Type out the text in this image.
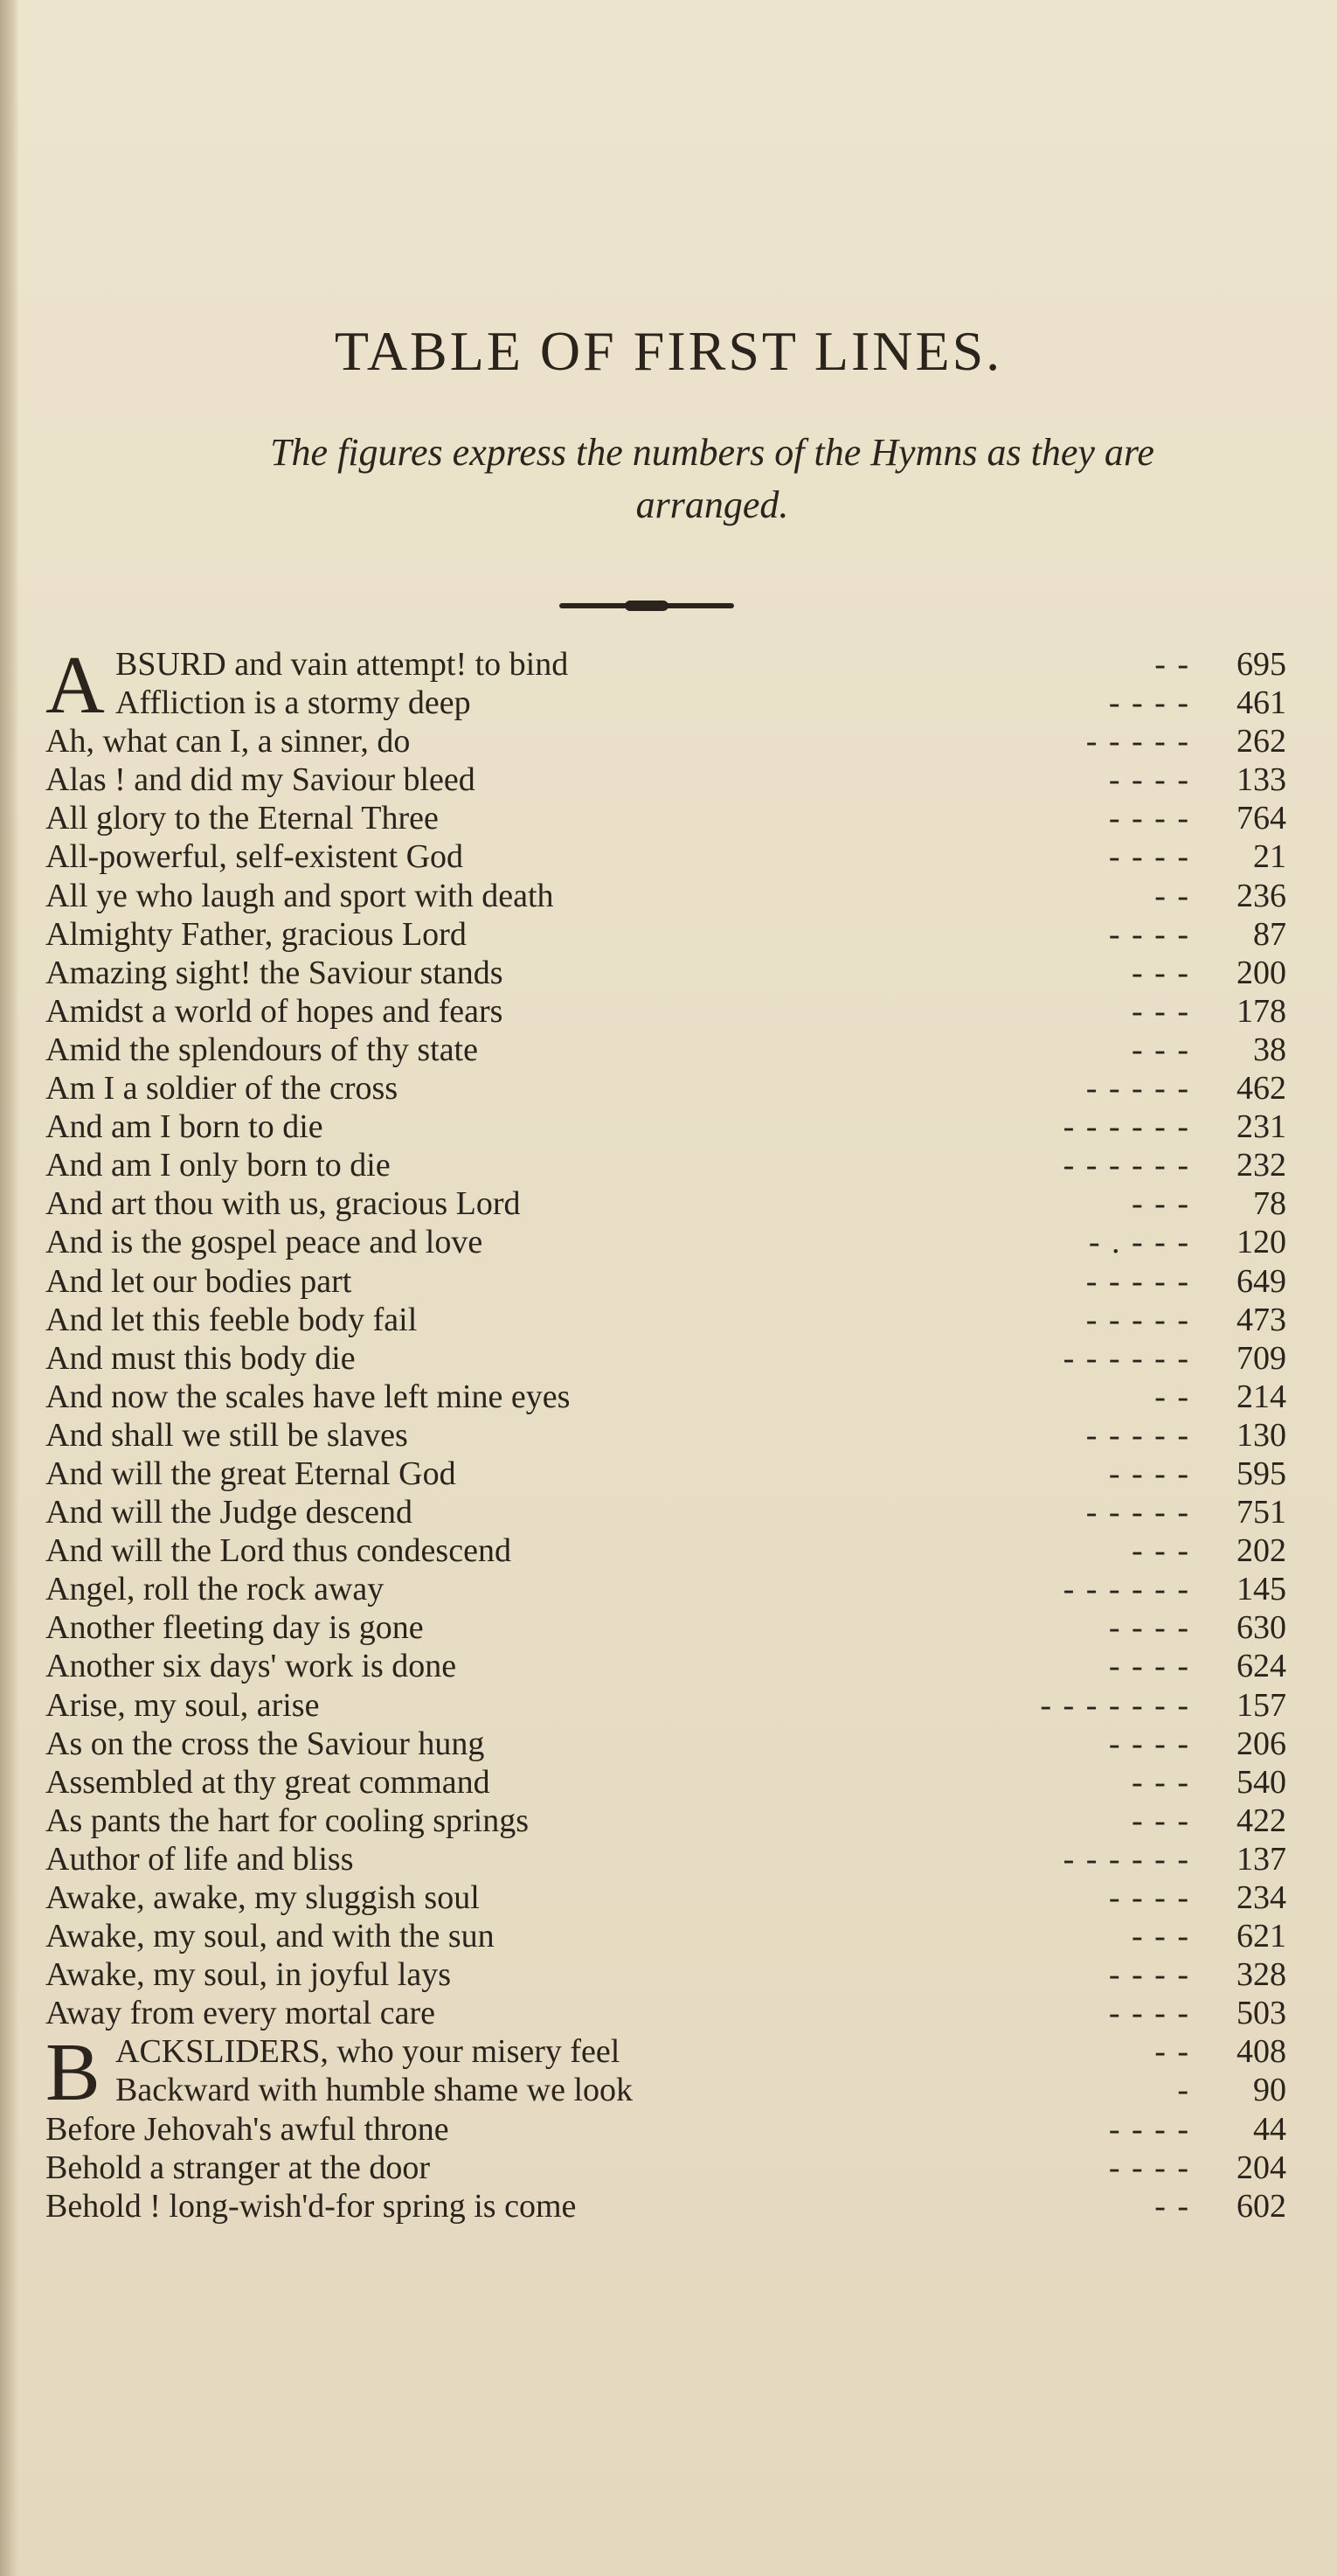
TABLE OF FIRST LINES.

The figures express the numbers of the Hymns as they are arranged.

A BSURD and vain attempt! to bind	- -	695
Affliction is a stormy deep	- - - -	461
Ah, what can I, a sinner, do	- - - - -	262
Alas ! and did my Saviour bleed	- - - -	133
All glory to the Eternal Three	- - - -	764
All-powerful, self-existent God	- - - -	21
All ye who laugh and sport with death	- -	236
Almighty Father, gracious Lord	- - - -	87
Amazing sight! the Saviour stands	- - -	200
Amidst a world of hopes and fears	- - -	178
Amid the splendours of thy state	- - -	38
Am I a soldier of the cross	- - - - -	462
And am I born to die	- - - - - -	231
And am I only born to die	- - - - - -	232
And art thou with us, gracious Lord	- - -	78
And is the gospel peace and love	- . - - -	120
And let our bodies part	- - - - -	649
And let this feeble body fail	- - - - -	473
And must this body die	- - - - - -	709
And now the scales have left mine eyes	- -	214
And shall we still be slaves	- - - - -	130
And will the great Eternal God	- - - -	595
And will the Judge descend	- - - - -	751
And will the Lord thus condescend	- - -	202
Angel, roll the rock away	- - - - - -	145
Another fleeting day is gone	- - - -	630
Another six days' work is done	- - - -	624
Arise, my soul, arise	- - - - - - -	157
As on the cross the Saviour hung	- - - -	206
Assembled at thy great command	- - -	540
As pants the hart for cooling springs	- - -	422
Author of life and bliss	- - - - - -	137
Awake, awake, my sluggish soul	- - - -	234
Awake, my soul, and with the sun	- - -	621
Awake, my soul, in joyful lays	- - - -	328
Away from every mortal care	- - - -	503
B ACKSLIDERS, who your misery feel	- -	408
Backward with humble shame we look	-	90
Before Jehovah's awful throne	- - - -	44
Behold a stranger at the door	- - - -	204
Behold ! long-wish'd-for spring is come	- -	602
